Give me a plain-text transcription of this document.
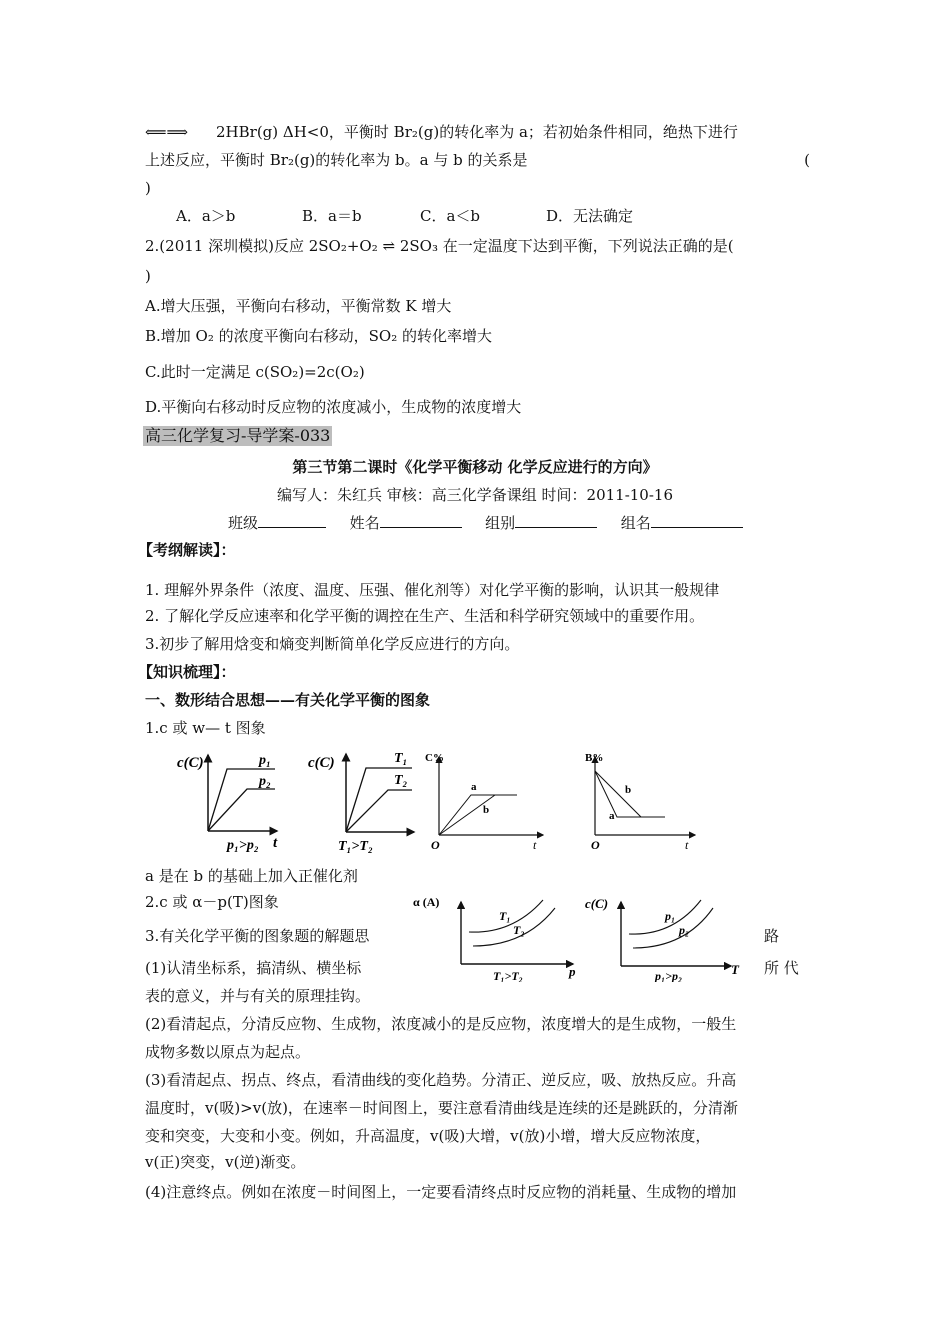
⟸⟹ 2HBr(g) ΔH<0，平衡时 Br₂(g)的转化率为 a；若初始条件相同，绝热下进行
上述反应，平衡时 Br₂(g)的转化率为 b。a 与 b 的关系是	(
)
A．a＞b	B．a＝b	C．a＜b	D．无法确定
2.(2011 深圳模拟)反应 2SO₂+O₂ ⇌ 2SO₃ 在一定温度下达到平衡，下列说法正确的是(
)
A.增大压强，平衡向右移动，平衡常数 K 增大
B.增加 O₂ 的浓度平衡向右移动，SO₂ 的转化率增大
C.此时一定满足 c(SO₂)=2c(O₂)
D.平衡向右移动时反应物的浓度减小，生成物的浓度增大
高三化学复习-导学案-033
第三节第二课时《化学平衡移动 化学反应进行的方向》
编写人：朱红兵 审核：高三化学备课组 时间：2011-10-16
班级	姓名	组别	组名
【考纲解读】：
1. 理解外界条件（浓度、温度、压强、催化剂等）对化学平衡的影响，认识其一般规律
2. 了解化学反应速率和化学平衡的调控在生产、生活和科学研究领域中的重要作用。
3.初步了解用焓变和熵变判断简单化学反应进行的方向。
【知识梳理】：
一、数形结合思想——有关化学平衡的图象
1.c 或 w— t 图象
c(C)	p₁
p₂
p₁>p₂ t
c(C)	T₁
T₂
T₁>T₂
C%
a
b
O	t
B%
b
a
O	t
a 是在 b 的基础上加入正催化剂
2.c 或 α－p(T)图象	α (A)
T₁
T₂
T₁>T₂	p
c(C)
p₁
p₂
p₁>p₂	T
3.有关化学平衡的图象题的解题思	路
(1)认清坐标系，搞清纵、横坐标	所 代
表的意义，并与有关的原理挂钩。
(2)看清起点，分清反应物、生成物，浓度减小的是反应物，浓度增大的是生成物，一般生
成物多数以原点为起点。
(3)看清起点、拐点、终点，看清曲线的变化趋势。分清正、逆反应，吸、放热反应。升高
温度时，v(吸)>v(放)，在速率－时间图上，要注意看清曲线是连续的还是跳跃的，分清渐
变和突变，大变和小变。例如，升高温度，v(吸)大增，v(放)小增，增大反应物浓度，
v(正)突变，v(逆)渐变。
(4)注意终点。例如在浓度－时间图上，一定要看清终点时反应物的消耗量、生成物的增加
